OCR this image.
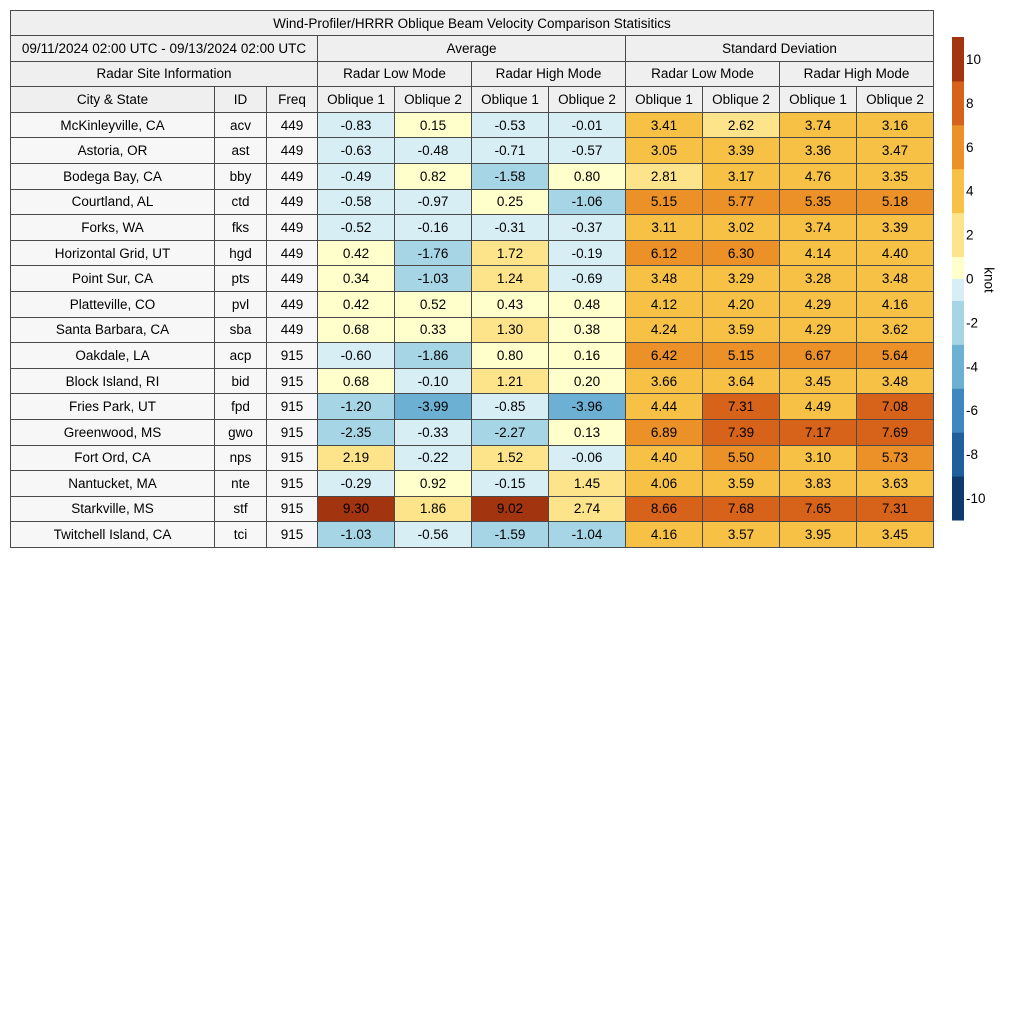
Wind-Profiler/HRRR Oblique Beam Velocity Comparison Statisitics										
09/11/2024 02:00 UTC - 09/13/2024 02:00 UTC			Average				Standard Deviation			
Radar Site Information			Radar Low Mode		Radar High Mode		Radar Low Mode		Radar High Mode	
City & State	ID	Freq	Oblique 1	Oblique 2	Oblique 1	Oblique 2	Oblique 1	Oblique 2	Oblique 1	Oblique 2
McKinleyville, CA	acv	449	-0.83	0.15	-0.53	-0.01	3.41	2.62	3.74	3.16
Astoria, OR	ast	449	-0.63	-0.48	-0.71	-0.57	3.05	3.39	3.36	3.47
Bodega Bay, CA	bby	449	-0.49	0.82	-1.58	0.80	2.81	3.17	4.76	3.35
Courtland, AL	ctd	449	-0.58	-0.97	0.25	-1.06	5.15	5.77	5.35	5.18
Forks, WA	fks	449	-0.52	-0.16	-0.31	-0.37	3.11	3.02	3.74	3.39
Horizontal Grid, UT	hgd	449	0.42	-1.76	1.72	-0.19	6.12	6.30	4.14	4.40
Point Sur, CA	pts	449	0.34	-1.03	1.24	-0.69	3.48	3.29	3.28	3.48
Platteville, CO	pvl	449	0.42	0.52	0.43	0.48	4.12	4.20	4.29	4.16
Santa Barbara, CA	sba	449	0.68	0.33	1.30	0.38	4.24	3.59	4.29	3.62
Oakdale, LA	acp	915	-0.60	-1.86	0.80	0.16	6.42	5.15	6.67	5.64
Block Island, RI	bid	915	0.68	-0.10	1.21	0.20	3.66	3.64	3.45	3.48
Fries Park, UT	fpd	915	-1.20	-3.99	-0.85	-3.96	4.44	7.31	4.49	7.08
Greenwood, MS	gwo	915	-2.35	-0.33	-2.27	0.13	6.89	7.39	7.17	7.69
Fort Ord, CA	nps	915	2.19	-0.22	1.52	-0.06	4.40	5.50	3.10	5.73
Nantucket, MA	nte	915	-0.29	0.92	-0.15	1.45	4.06	3.59	3.83	3.63
Starkville, MS	stf	915	9.30	1.86	9.02	2.74	8.66	7.68	7.65	7.31
Twitchell Island, CA	tci	915	-1.03	-0.56	-1.59	-1.04	4.16	3.57	3.95	3.45
-10
-8
-6
-4
-2
0
2
4
6
8
10
knot
